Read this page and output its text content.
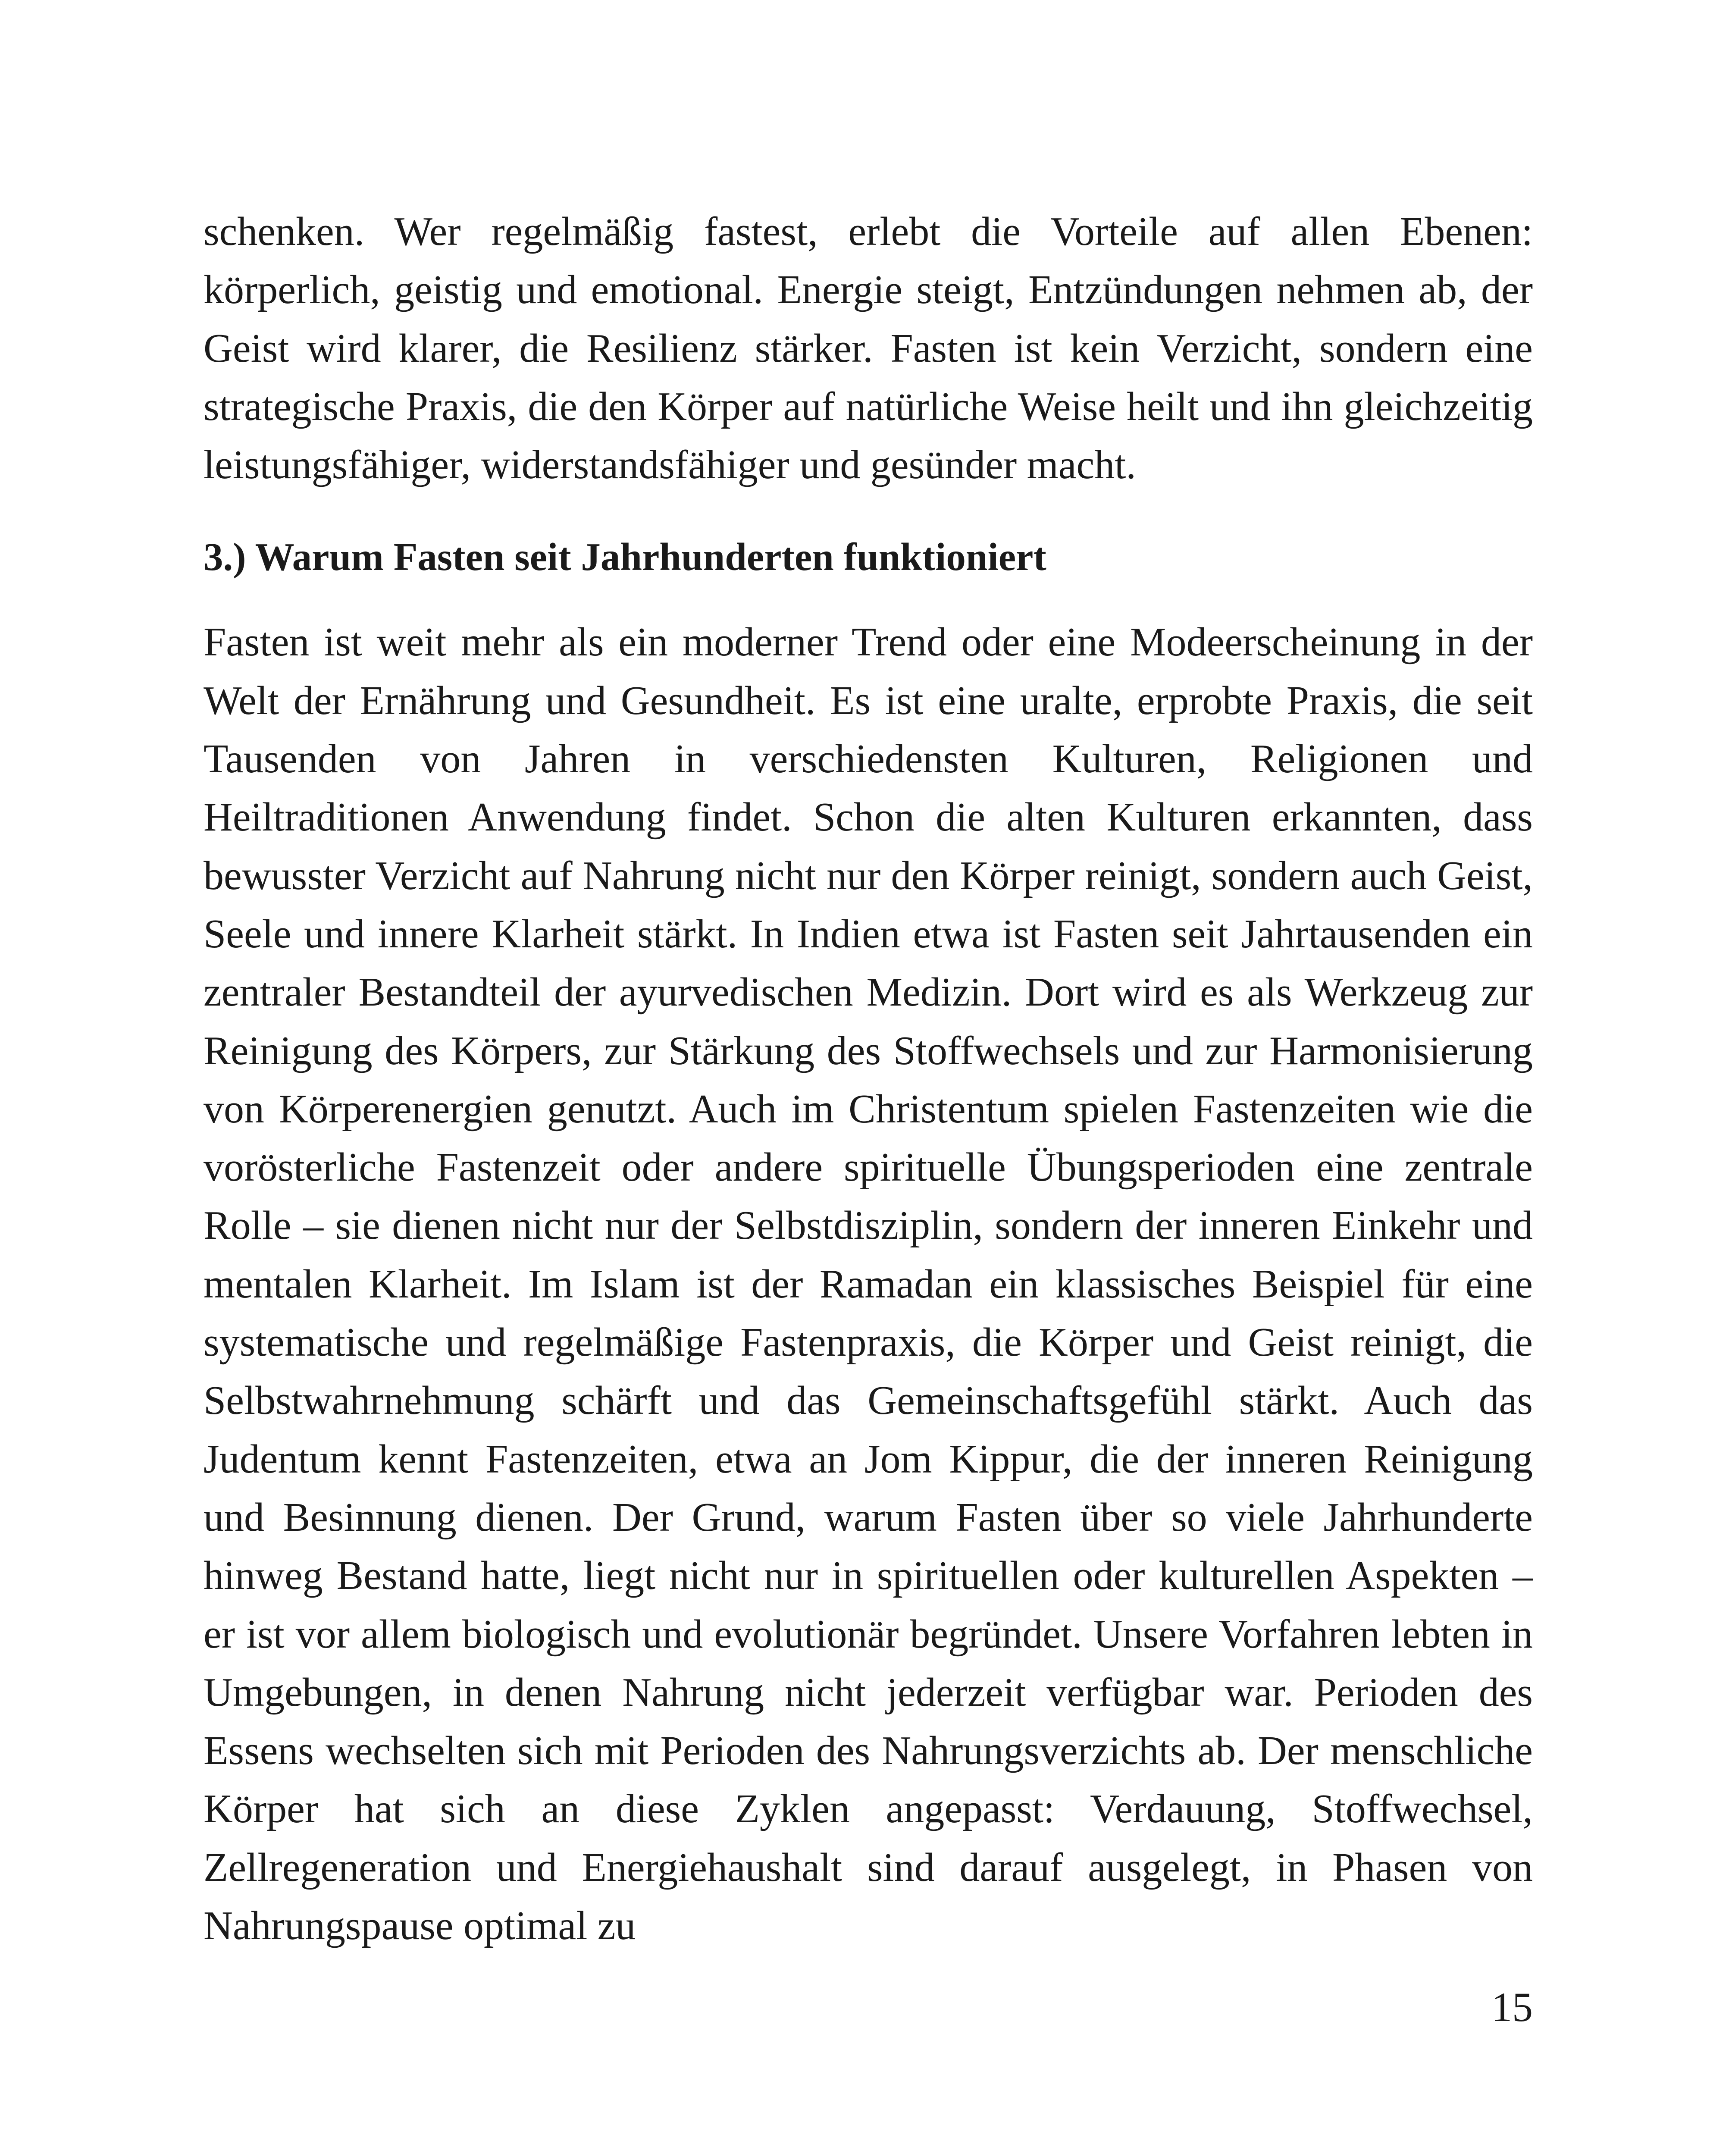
schenken. Wer regelmäßig fastest, erlebt die Vorteile auf allen Ebenen: körperlich, geistig und emotional. Energie steigt, Entzündungen nehmen ab, der Geist wird klarer, die Resilienz stärker. Fasten ist kein Verzicht, sondern eine strategische Praxis, die den Körper auf natürliche Weise heilt und ihn gleichzeitig leistungsfähiger, widerstandsfähiger und gesünder macht.

3.) Warum Fasten seit Jahrhunderten funktioniert

Fasten ist weit mehr als ein moderner Trend oder eine Modeerscheinung in der Welt der Ernährung und Gesundheit. Es ist eine uralte, erprobte Praxis, die seit Tausenden von Jahren in verschiedensten Kulturen, Religionen und Heiltraditionen Anwendung findet. Schon die alten Kulturen erkannten, dass bewusster Verzicht auf Nahrung nicht nur den Körper reinigt, sondern auch Geist, Seele und innere Klarheit stärkt. In Indien etwa ist Fasten seit Jahrtausenden ein zentraler Bestandteil der ayurvedischen Medizin. Dort wird es als Werkzeug zur Reinigung des Körpers, zur Stärkung des Stoffwechsels und zur Harmonisierung von Körperenergien genutzt. Auch im Christentum spielen Fastenzeiten wie die vorösterliche Fastenzeit oder andere spirituelle Übungsperioden eine zentrale Rolle – sie dienen nicht nur der Selbstdisziplin, sondern der inneren Einkehr und mentalen Klarheit. Im Islam ist der Ramadan ein klassisches Beispiel für eine systematische und regelmäßige Fastenpraxis, die Körper und Geist reinigt, die Selbstwahrnehmung schärft und das Gemeinschaftsgefühl stärkt. Auch das Judentum kennt Fastenzeiten, etwa an Jom Kippur, die der inneren Reinigung und Besinnung dienen. Der Grund, warum Fasten über so viele Jahrhunderte hinweg Bestand hatte, liegt nicht nur in spirituellen oder kulturellen Aspekten – er ist vor allem biologisch und evolutionär begründet. Unsere Vorfahren lebten in Umgebungen, in denen Nahrung nicht jederzeit verfügbar war. Perioden des Essens wechselten sich mit Perioden des Nahrungsverzichts ab. Der menschliche Körper hat sich an diese Zyklen angepasst: Verdauung, Stoffwechsel, Zellregeneration und Energiehaushalt sind darauf ausgelegt, in Phasen von Nahrungspause optimal zu

15
